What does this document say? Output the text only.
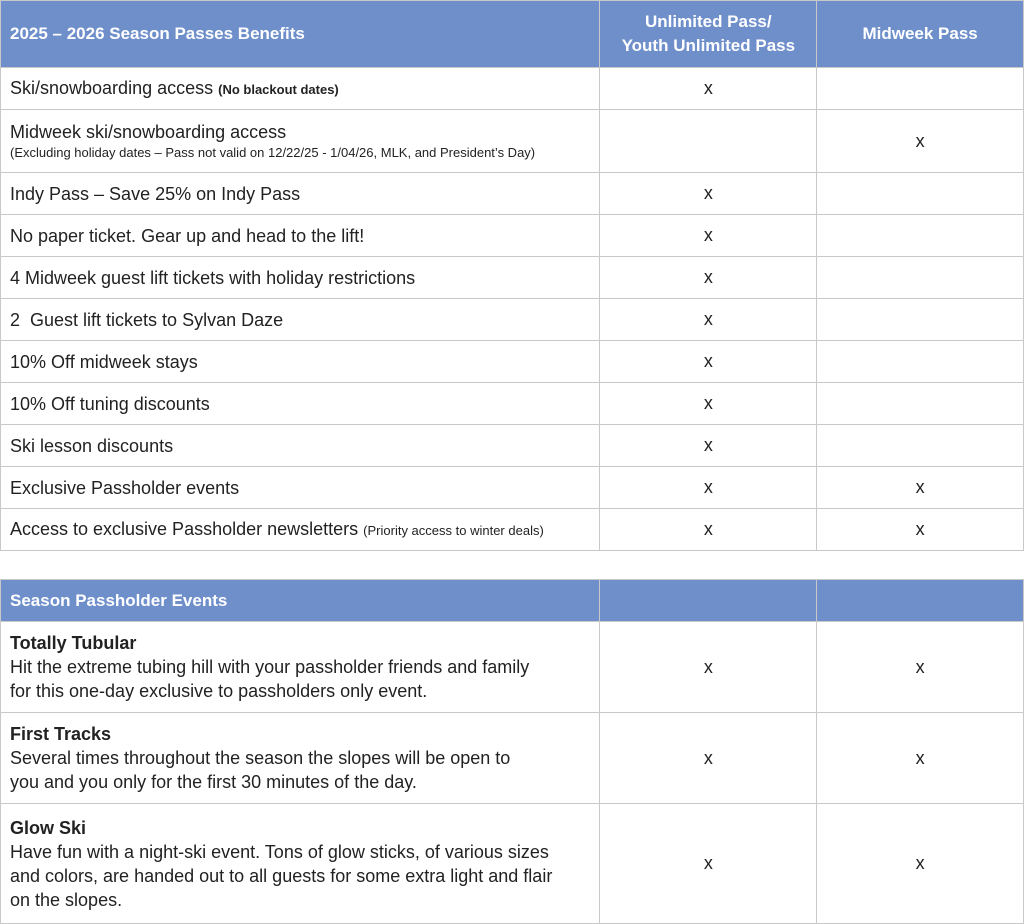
2025 – 2026 Season Passes Benefits	Unlimited Pass/
Youth Unlimited Pass	Midweek Pass
Ski/snowboarding access (No blackout dates)	x	
Midweek ski/snowboarding access
(Excluding holiday dates – Pass not valid on 12/22/25 - 1/04/26, MLK, and President’s Day)		x
Indy Pass – Save 25% on Indy Pass	x	
No paper ticket. Gear up and head to the lift!	x	
4 Midweek guest lift tickets with holiday restrictions	x	
2  Guest lift tickets to Sylvan Daze	x	
10% Off midweek stays	x	
10% Off tuning discounts	x	
Ski lesson discounts	x	
Exclusive Passholder events	x	x
Access to exclusive Passholder newsletters (Priority access to winter deals)	x	x
Season Passholder Events		

Totally Tubular
Hit the extreme tubing hill with your passholder friends and family
for this one-day exclusive to passholders only event.	x	x

First Tracks
Several times throughout the season the slopes will be open to
you and you only for the first 30 minutes of the day.	x	x

Glow Ski
Have fun with a night-ski event. Tons of glow sticks, of various sizes
and colors, are handed out to all guests for some extra light and flair
on the slopes.	x	x
